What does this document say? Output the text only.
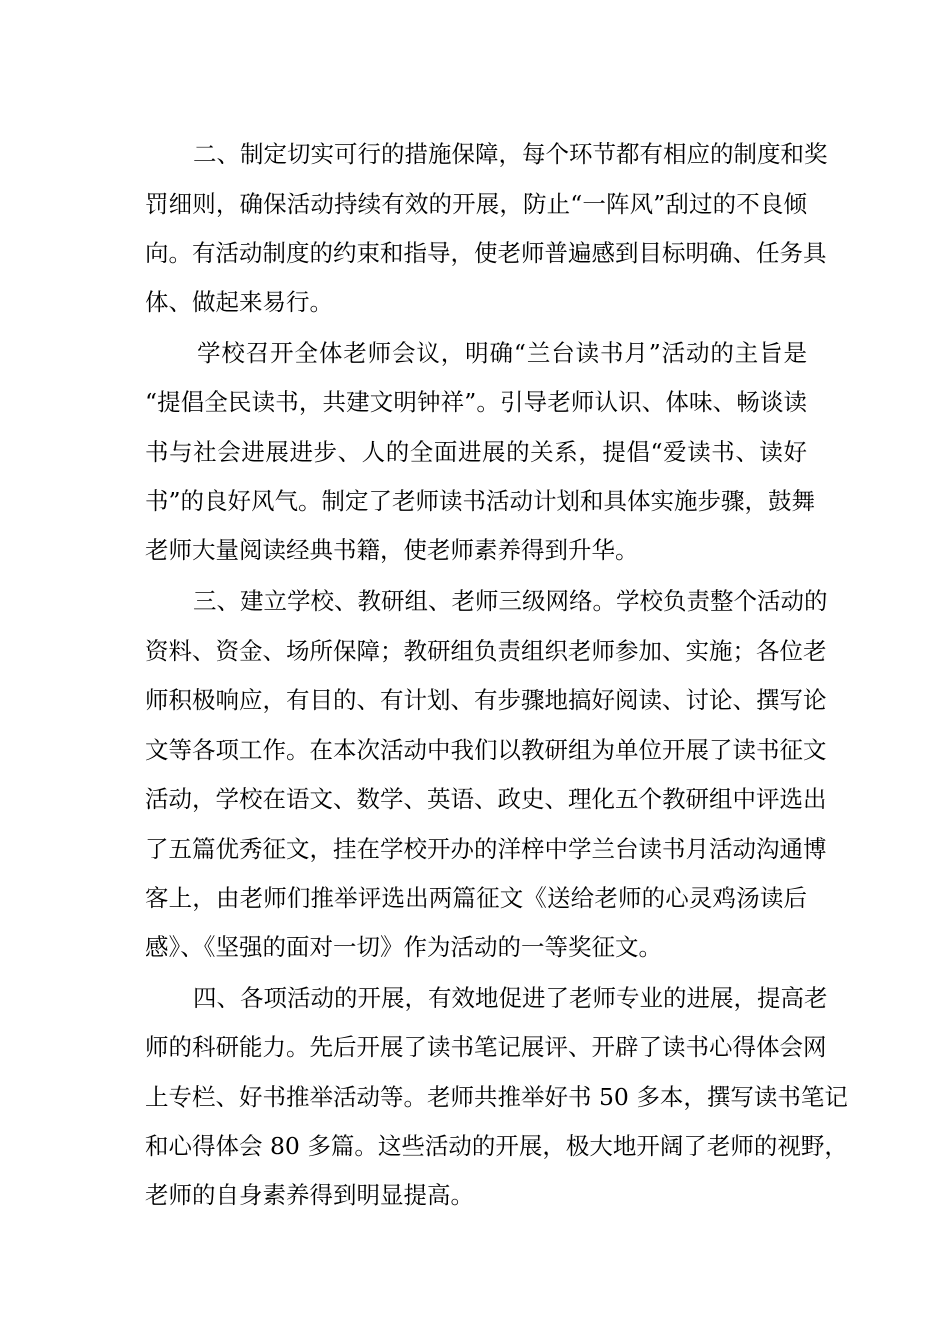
二、制定切实可行的措施保障，每个环节都有相应的制度和奖
罚细则，确保活动持续有效的开展，防止“一阵风”刮过的不良倾
向。有活动制度的约束和指导，使老师普遍感到目标明确、任务具
体、做起来易行。
学校召开全体老师会议，明确“兰台读书月”活动的主旨是
“提倡全民读书，共建文明钟祥”。引导老师认识、体味、畅谈读
书与社会进展进步、人的全面进展的关系，提倡“爱读书、读好
书”的良好风气。制定了老师读书活动计划和具体实施步骤，鼓舞
老师大量阅读经典书籍，使老师素养得到升华。
三、建立学校、教研组、老师三级网络。学校负责整个活动的
资料、资金、场所保障；教研组负责组织老师参加、实施；各位老
师积极响应，有目的、有计划、有步骤地搞好阅读、讨论、撰写论
文等各项工作。在本次活动中我们以教研组为单位开展了读书征文
活动，学校在语文、数学、英语、政史、理化五个教研组中评选出
了五篇优秀征文，挂在学校开办的洋梓中学兰台读书月活动沟通博
客上，由老师们推举评选出两篇征文《送给老师的心灵鸡汤读后
感》、《坚强的面对一切》作为活动的一等奖征文。
四、各项活动的开展，有效地促进了老师专业的进展，提高老
师的科研能力。先后开展了读书笔记展评、开辟了读书心得体会网
上专栏、好书推举活动等。老师共推举好书 50 多本，撰写读书笔记
和心得体会 80 多篇。这些活动的开展，极大地开阔了老师的视野，
老师的自身素养得到明显提高。
